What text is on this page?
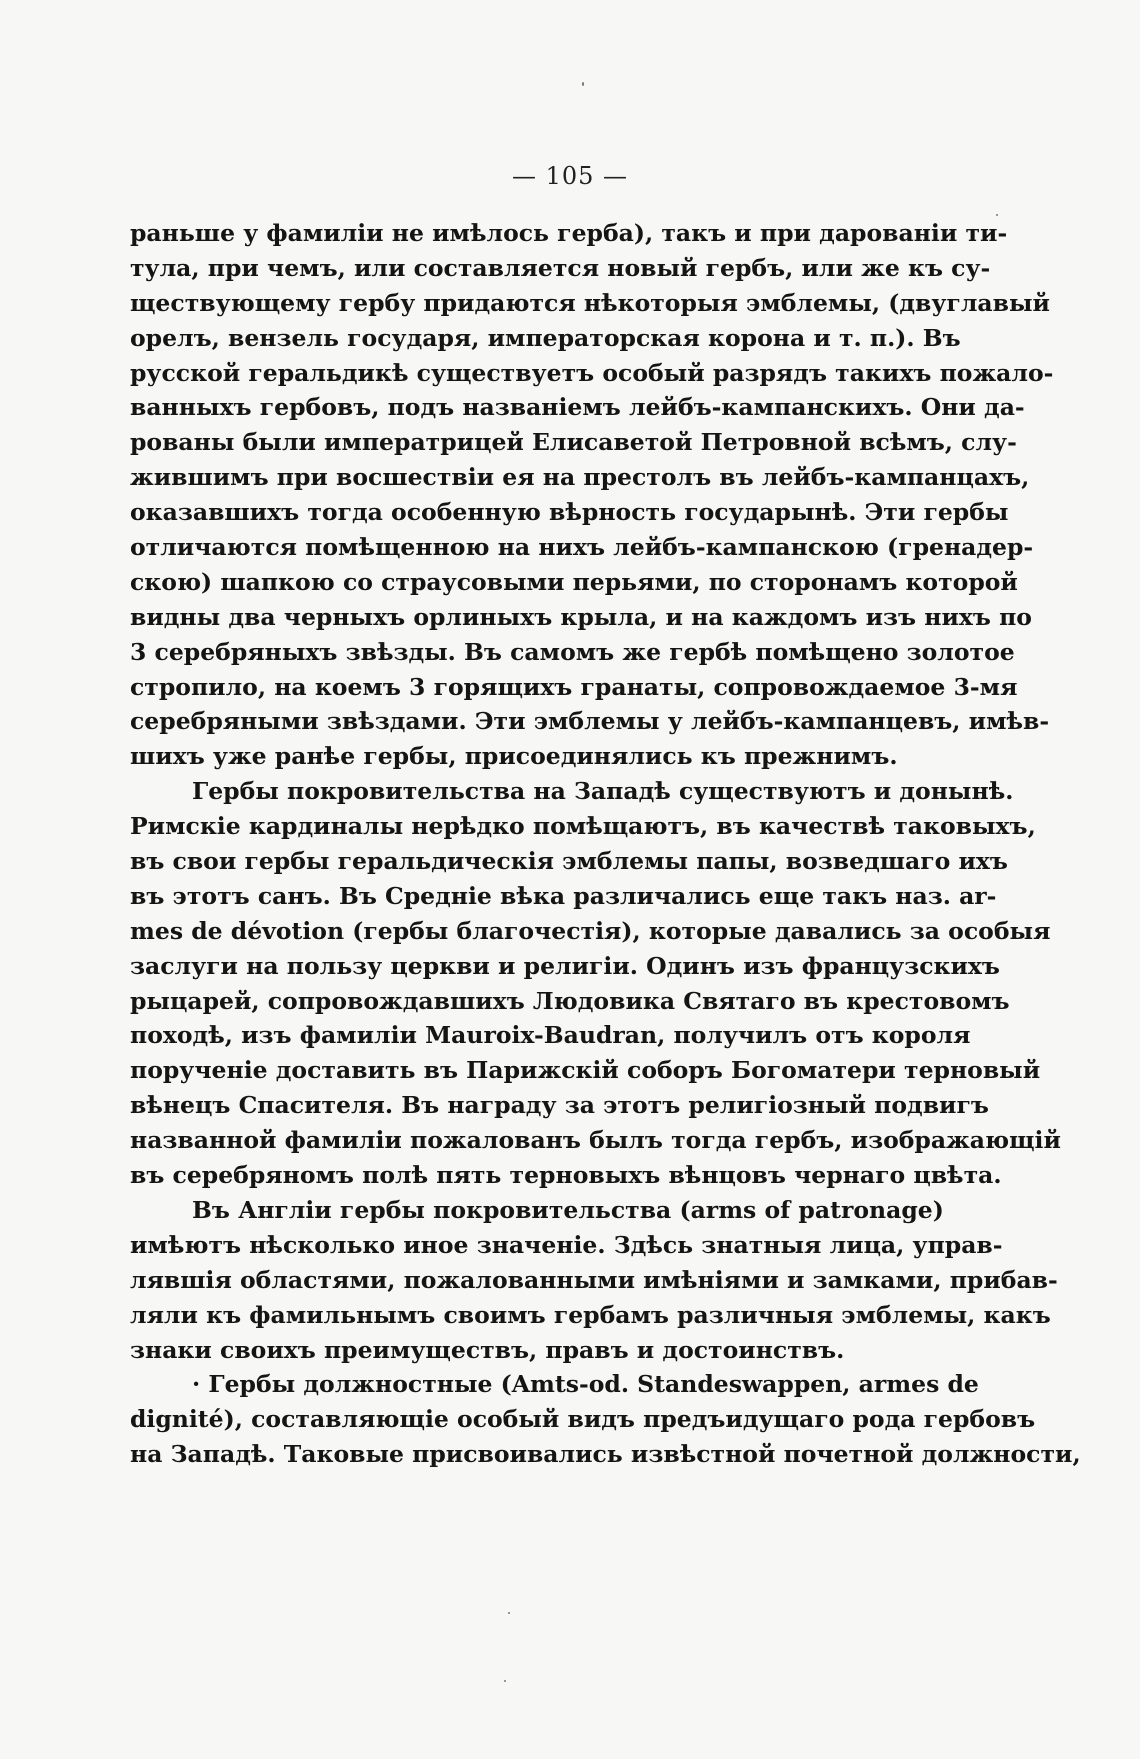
— 105 —
раньше у фамиліи не имѣлось герба), такъ и при дарованіи ти-
тула, при чемъ, или составляется новый гербъ, или же къ су-
ществующему гербу придаются нѣкоторыя эмблемы, (двуглавый
орелъ, вензель государя, императорская корона и т. п.). Въ
русской геральдикѣ существуетъ особый разрядъ такихъ пожало-
ванныхъ гербовъ, подъ названіемъ лейбъ-кампанскихъ. Они да-
рованы были императрицей Елисаветой Петровной всѣмъ, слу-
жившимъ при восшествіи ея на престолъ въ лейбъ-кампанцахъ,
оказавшихъ тогда особенную вѣрность государынѣ. Эти гербы
отличаются помѣщенною на нихъ лейбъ-кампанскою (гренадер-
скою) шапкою со страусовыми перьями, по сторонамъ которой
видны два черныхъ орлиныхъ крыла, и на каждомъ изъ нихъ по
3 серебряныхъ звѣзды. Въ самомъ же гербѣ помѣщено золотое
стропило, на коемъ 3 горящихъ гранаты, сопровождаемое 3-мя
серебряными звѣздами. Эти эмблемы у лейбъ-кампанцевъ, имѣв-
шихъ уже ранѣе гербы, присоединялись къ прежнимъ.
Гербы покровительства на Западѣ существуютъ и донынѣ.
Римскіе кардиналы нерѣдко помѣщаютъ, въ качествѣ таковыхъ,
въ свои гербы геральдическія эмблемы папы, возведшаго ихъ
въ этотъ санъ. Въ Средніе вѣка различались еще такъ наз. ar-
mes de dévotion (гербы благочестія), которые давались за особыя
заслуги на пользу церкви и религіи. Одинъ изъ французскихъ
рыцарей, сопровождавшихъ Людовика Святаго въ крестовомъ
походѣ, изъ фамиліи Mauroix-Baudran, получилъ отъ короля
порученіе доставить въ Парижскій соборъ Богоматери терновый
вѣнецъ Спасителя. Въ награду за этотъ религіозный подвигъ
названной фамиліи пожалованъ былъ тогда гербъ, изображающій
въ серебряномъ полѣ пять терновыхъ вѣнцовъ чернаго цвѣта.
Въ Англіи гербы покровительства (arms of patronage)
имѣютъ нѣсколько иное значеніе. Здѣсь знатныя лица, управ-
лявшія областями, пожалованными имѣніями и замками, прибав-
ляли къ фамильнымъ своимъ гербамъ различныя эмблемы, какъ
знаки своихъ преимуществъ, правъ и достоинствъ.
· Гербы должностные (Amts-od. Standeswappen, armes de
dignité), составляющіе особый видъ предъидущаго рода гербовъ
на Западѣ. Таковые присвоивались извѣстной почетной должности,
